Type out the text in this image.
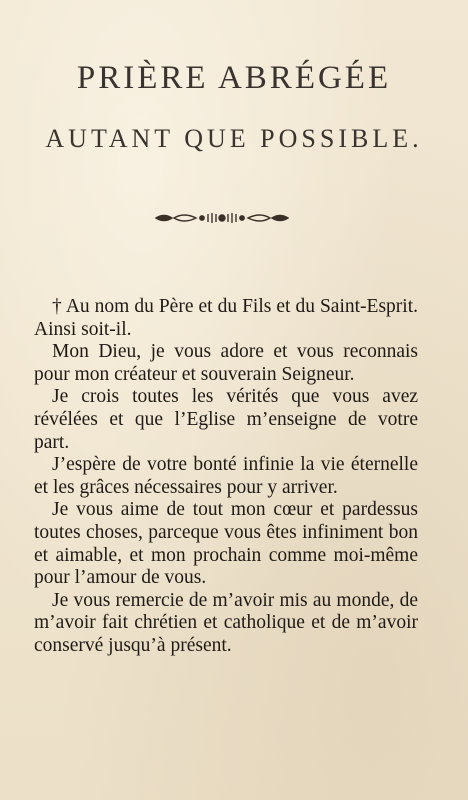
PRIÈRE ABRÉGÉE
AUTANT QUE POSSIBLE.

† Au nom du Père et du Fils et du Saint-Esprit. Ainsi soit-il.

Mon Dieu, je vous adore et vous reconnais pour mon créateur et souverain Seigneur.

Je crois toutes les vérités que vous avez révélées et que l’Eglise m’enseigne de votre part.

J’espère de votre bonté infinie la vie éternelle et les grâces nécessaires pour y arriver.

Je vous aime de tout mon cœur et pardessus toutes choses, parceque vous êtes infiniment bon et aimable, et mon prochain comme moi-même pour l’amour de vous.

Je vous remercie de m’avoir mis au monde, de m’avoir fait chrétien et catholique et de m’avoir conservé jusqu’à présent.
